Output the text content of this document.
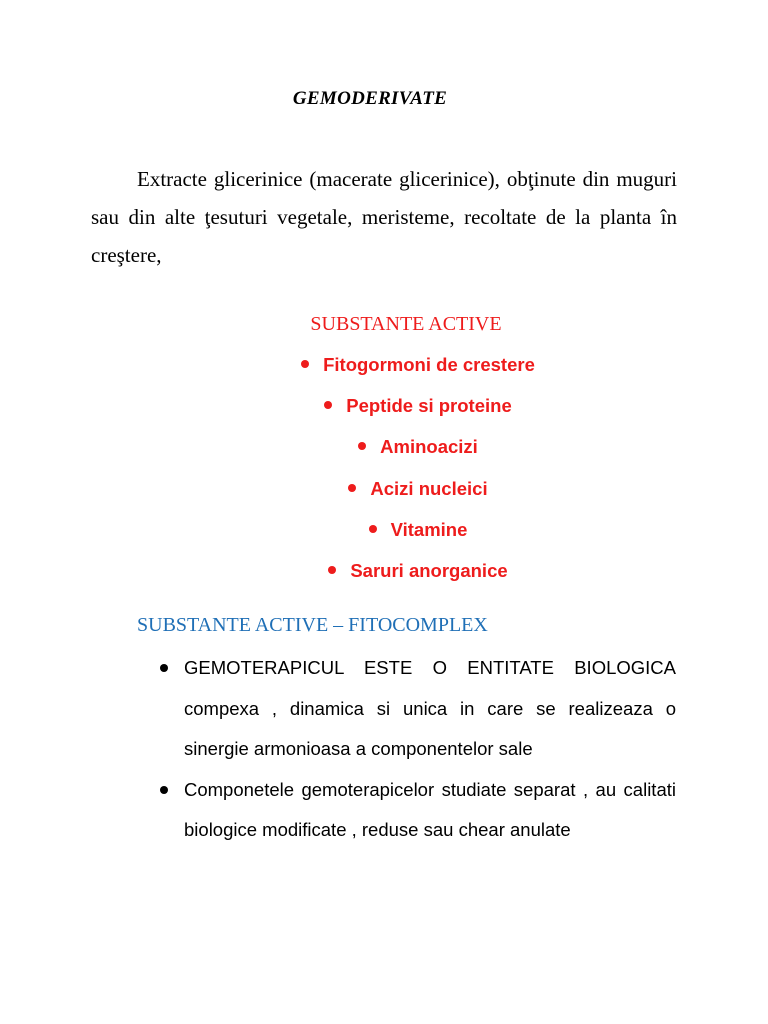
GEMODERIVATE

Extracte glicerinice (macerate glicerinice), obţinute din muguri sau din alte ţesuturi vegetale, meristeme, recoltate de la planta în creştere,

SUBSTANTE ACTIVE
Fitogormoni de crestere
Peptide si proteine
Aminoacizi
Acizi nucleici
Vitamine
Saruri anorganice
SUBSTANTE ACTIVE – FITOCOMPLEX
GEMOTERAPICUL ESTE O ENTITATE BIOLOGICA compexa , dinamica si unica in care se realizeaza o sinergie armonioasa a componentelor sale
Componetele gemoterapicelor studiate separat , au calitati biologice modificate , reduse sau chear anulate
